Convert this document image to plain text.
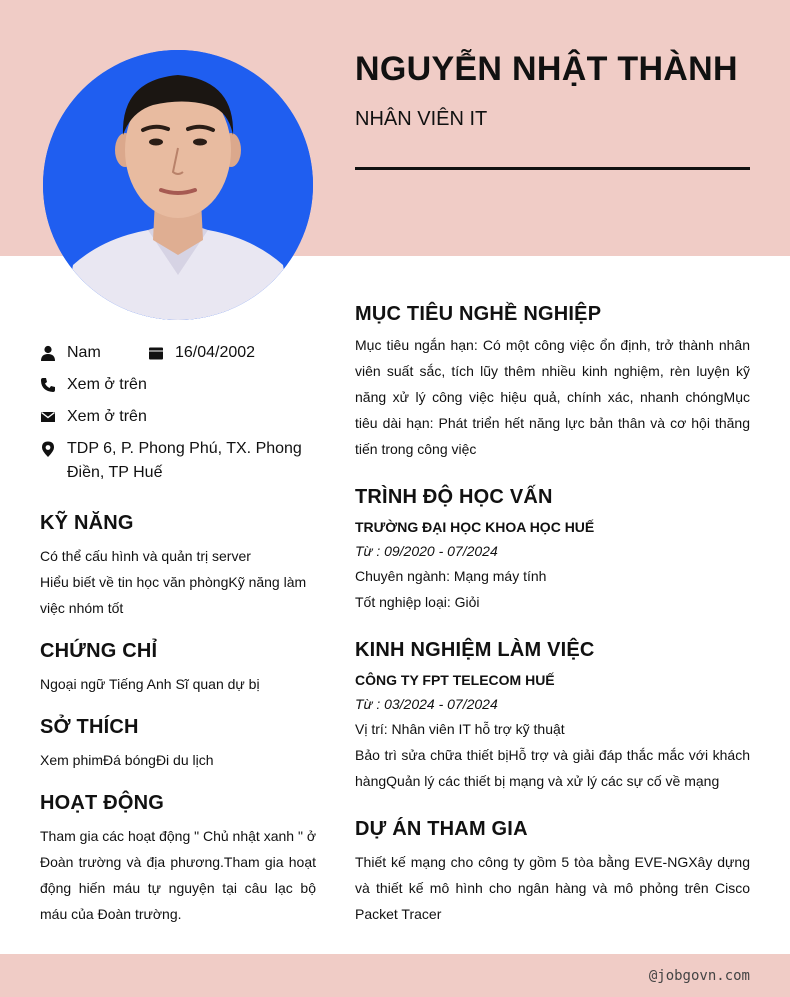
@jobgovn.com
NGUYỄN NHẬT THÀNH
NHÂN VIÊN IT
Nam	16/04/2002
Xem ở trên
Xem ở trên
TDP 6, P. Phong Phú, TX. Phong Điền, TP Huế
KỸ NĂNG
Có thể cấu hình và quản trị server
Hiểu biết về tin học văn phòngKỹ năng làm việc nhóm tốt
CHỨNG CHỈ
Ngoại ngữ Tiếng Anh Sĩ quan dự bị
SỞ THÍCH
Xem phimĐá bóngĐi du lịch
HOẠT ĐỘNG
Tham gia các hoạt động " Chủ nhật xanh " ở Đoàn trường và địa phương.Tham gia hoạt động hiến máu tự nguyện tại câu lạc bộ máu của Đoàn trường.
MỤC TIÊU NGHỀ NGHIỆP
Mục tiêu ngắn hạn: Có một công việc ổn định, trở thành nhân viên suất sắc, tích lũy thêm nhiều kinh nghiệm, rèn luyện kỹ năng xử lý công việc hiệu quả, chính xác, nhanh chóngMục tiêu dài hạn: Phát triển hết năng lực bản thân và cơ hội thăng tiến trong công việc
TRÌNH ĐỘ HỌC VẤN
TRƯỜNG ĐẠI HỌC KHOA HỌC HUẾ
Từ : 09/2020 - 07/2024
Chuyên ngành: Mạng máy tính
Tốt nghiệp loại: Giỏi
KINH NGHIỆM LÀM VIỆC
CÔNG TY FPT TELECOM HUẾ
Từ : 03/2024 - 07/2024
Vị trí: Nhân viên IT hỗ trợ kỹ thuật
Bảo trì sửa chữa thiết bịHỗ trợ và giải đáp thắc mắc với khách hàngQuản lý các thiết bị mạng và xử lý các sự cố về mạng
DỰ ÁN THAM GIA
Thiết kế mạng cho công ty gồm 5 tòa bằng EVE-NGXây dựng và thiết kế mô hình cho ngân hàng và mô phỏng trên Cisco Packet Tracer
